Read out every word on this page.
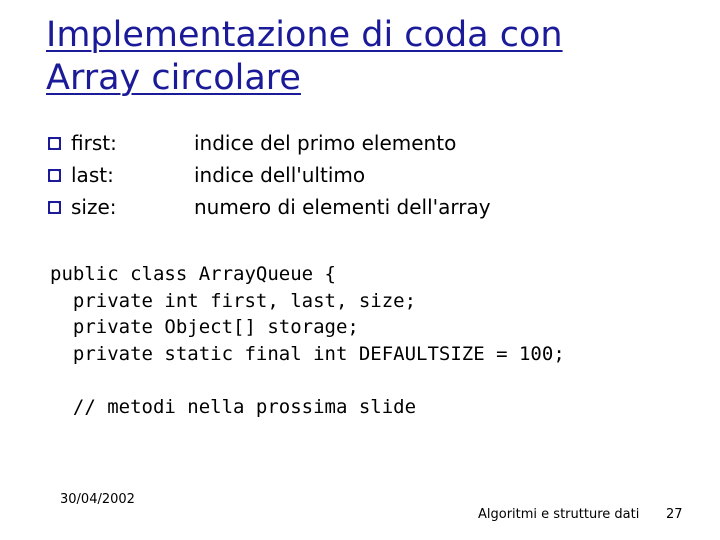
Implementazione di coda con
Array circolare
first:	indice del primo elemento
last:	indice dell'ultimo
size:	numero di elementi dell'array
public class ArrayQueue {
private int first, last, size;
private Object[] storage;
private static final int DEFAULTSIZE = 100;
// metodi nella prossima slide
30/04/2002
Algoritmi e strutture dati 27
